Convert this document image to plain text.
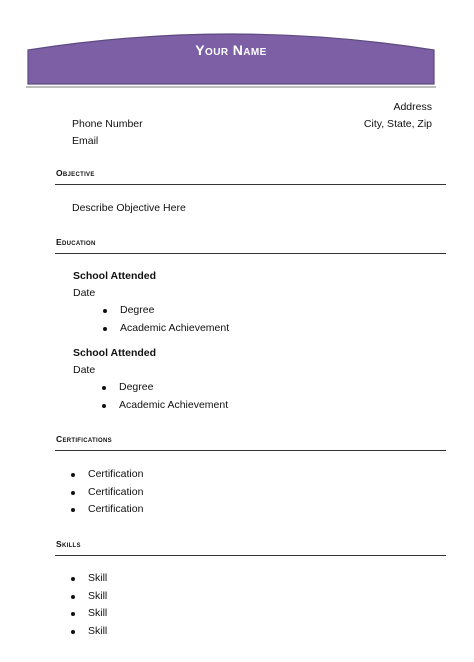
Your Name
Address
City, State, Zip
Phone Number
Email
Objective
Describe Objective Here
Education
School Attended
Date
Degree
Academic Achievement
School Attended
Date
Degree
Academic Achievement
Certifications
Certification
Certification
Certification
Skills
Skill
Skill
Skill
Skill
